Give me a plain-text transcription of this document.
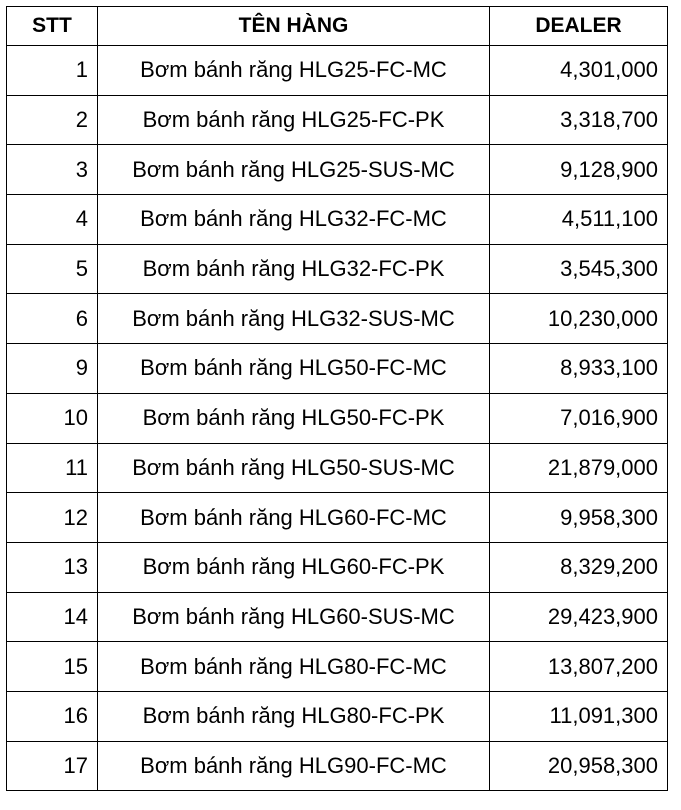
STT	TÊN HÀNG	DEALER
1	Bơm bánh răng HLG25-FC-MC	4,301,000
2	Bơm bánh răng HLG25-FC-PK	3,318,700
3	Bơm bánh răng HLG25-SUS-MC	9,128,900
4	Bơm bánh răng HLG32-FC-MC	4,511,100
5	Bơm bánh răng HLG32-FC-PK	3,545,300
6	Bơm bánh răng HLG32-SUS-MC	10,230,000
9	Bơm bánh răng HLG50-FC-MC	8,933,100
10	Bơm bánh răng HLG50-FC-PK	7,016,900
11	Bơm bánh răng HLG50-SUS-MC	21,879,000
12	Bơm bánh răng HLG60-FC-MC	9,958,300
13	Bơm bánh răng HLG60-FC-PK	8,329,200
14	Bơm bánh răng HLG60-SUS-MC	29,423,900
15	Bơm bánh răng HLG80-FC-MC	13,807,200
16	Bơm bánh răng HLG80-FC-PK	11,091,300
17	Bơm bánh răng HLG90-FC-MC	20,958,300
